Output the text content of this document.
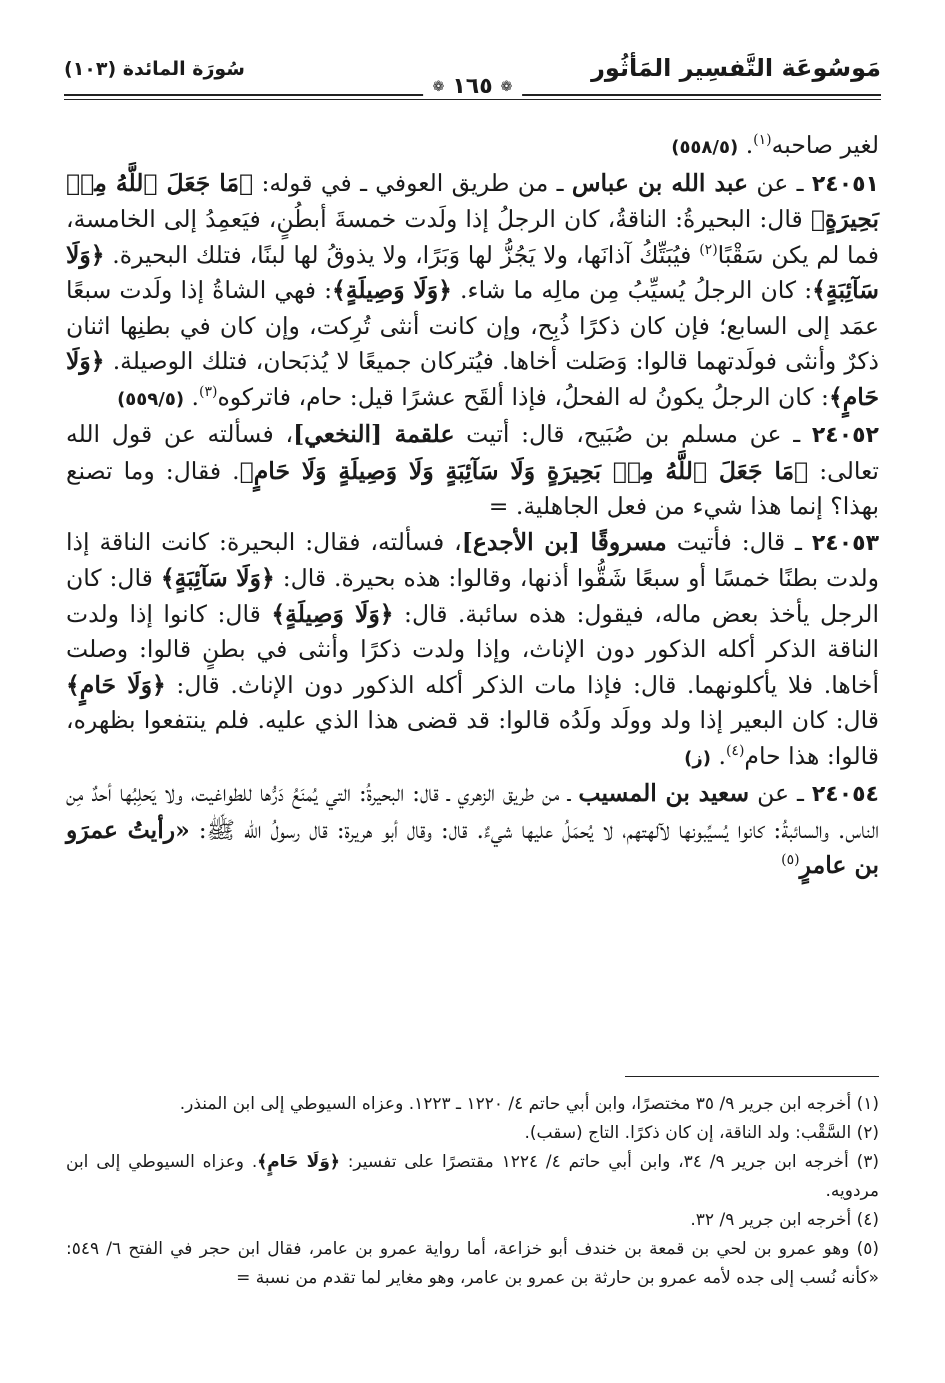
مَوسُوعَة التَّفسِير المَأثُور
❁
١٦٥
❁
سُورَة المائدة (١٠٣)

لغير صاحبه$^{(١)}$. (٥٥٨/٥)

٢٤٠٥١ ـ عن عبد الله بن عباس ـ من طريق العوفي ـ في قوله: ﴿مَا جَعَلَ ٱللَّهُ مِنۢ بَحِيرَةٍ﴾ قال: البحيرةُ: الناقةُ، كان الرجلُ إذا ولَدت خمسةَ أبطُنٍ، فيَعمِدُ إلى الخامسة، فما لم يكن سَقْبًا$^{(٢)}$ فيُبَتِّكُ آذانَها، ولا يَجُزُّ لها وَبَرًا، ولا يذوقُ لها لبنًا، فتلك البحيرة. ﴿وَلَا سَآئِبَةٍ﴾: كان الرجلُ يُسيِّبُ مِن مالِه ما شاء. ﴿وَلَا وَصِيلَةٍ﴾: فهي الشاةُ إذا ولَدت سبعًا عمَد إلى السابع؛ فإن كان ذكرًا ذُبِح، وإن كانت أنثى تُرِكت، وإن كان في بطنِها اثنان ذكرٌ وأنثى فولَدتهما قالوا: وَصَلت أخاها. فيُتركان جميعًا لا يُذبَحان، فتلك الوصيلة. ﴿وَلَا حَامٍ﴾: كان الرجلُ يكونُ له الفحلُ، فإذا ألقَح عشرًا قيل: حام، فاتركوه$^{(٣)}$. (٥٥٩/٥)

٢٤٠٥٢ ـ عن مسلم بن صُبَيح، قال: أتيت علقمة [النخعي]، فسألته عن قول الله تعالى: ﴿مَا جَعَلَ ٱللَّهُ مِنۢ بَحِيرَةٍ وَلَا سَآئِبَةٍ وَلَا وَصِيلَةٍ وَلَا حَامٍ﴾. فقال: وما تصنع بهذا؟ إنما هذا شيء من فعل الجاهلية. =

٢٤٠٥٣ ـ قال: فأتيت مسروقًا [بن الأجدع]، فسألته، فقال: البحيرة: كانت الناقة إذا ولدت بطنًا خمسًا أو سبعًا شَقُّوا أذنها، وقالوا: هذه بحيرة. قال: ﴿وَلَا سَآئِبَةٍ﴾ قال: كان الرجل يأخذ بعض ماله، فيقول: هذه سائبة. قال: ﴿وَلَا وَصِيلَةٍ﴾ قال: كانوا إذا ولدت الناقة الذكر أكله الذكور دون الإناث، وإذا ولدت ذكرًا وأنثى في بطنٍ قالوا: وصلت أخاها. فلا يأكلونهما. قال: فإذا مات الذكر أكله الذكور دون الإناث. قال: ﴿وَلَا حَامٍ﴾ قال: كان البعير إذا ولد وولَد ولَدُه قالوا: قد قضى هذا الذي عليه. فلم ينتفعوا بظهره، قالوا: هذا حام$^{(٤)}$. (ز)

٢٤٠٥٤ ـ عن سعيد بن المسيب ـ من طريق الزهري ـ قال: البحيرةُ: التي يُمنَعُ دَرُّها للطواغيت، ولا يَحلِبُها أحدٌ مِن الناس. والسائبةُ: كانوا يُسيِّبونها لآلهتهم، لا يُحمَلُ عليها شيءٌ. قال: وقال أبو هريرة: قال رسولُ الله ﷺ: «رأيتُ عمرَو بن عامرٍ$^{(٥)}$

(١) أخرجه ابن جرير ٩/ ٣٥ مختصرًا، وابن أبي حاتم ٤/ ١٢٢٠ ـ ١٢٢٣. وعزاه السيوطي إلى ابن المنذر.

(٢) السَّقْب: ولد الناقة، إن كان ذكرًا. التاج (سقب).

(٣) أخرجه ابن جرير ٩/ ٣٤، وابن أبي حاتم ٤/ ١٢٢٤ مقتصرًا على تفسير: ﴿وَلَا حَامٍ﴾. وعزاه السيوطي إلى ابن مردويه.

(٤) أخرجه ابن جرير ٩/ ٣٢.

(٥) وهو عمرو بن لحي بن قمعة بن خندف أبو خزاعة، أما رواية عمرو بن عامر، فقال ابن حجر في الفتح ٦/ ٥٤٩: «كأنه نُسب إلى جده لأمه عمرو بن حارثة بن عمرو بن عامر، وهو مغاير لما تقدم من نسبة =
